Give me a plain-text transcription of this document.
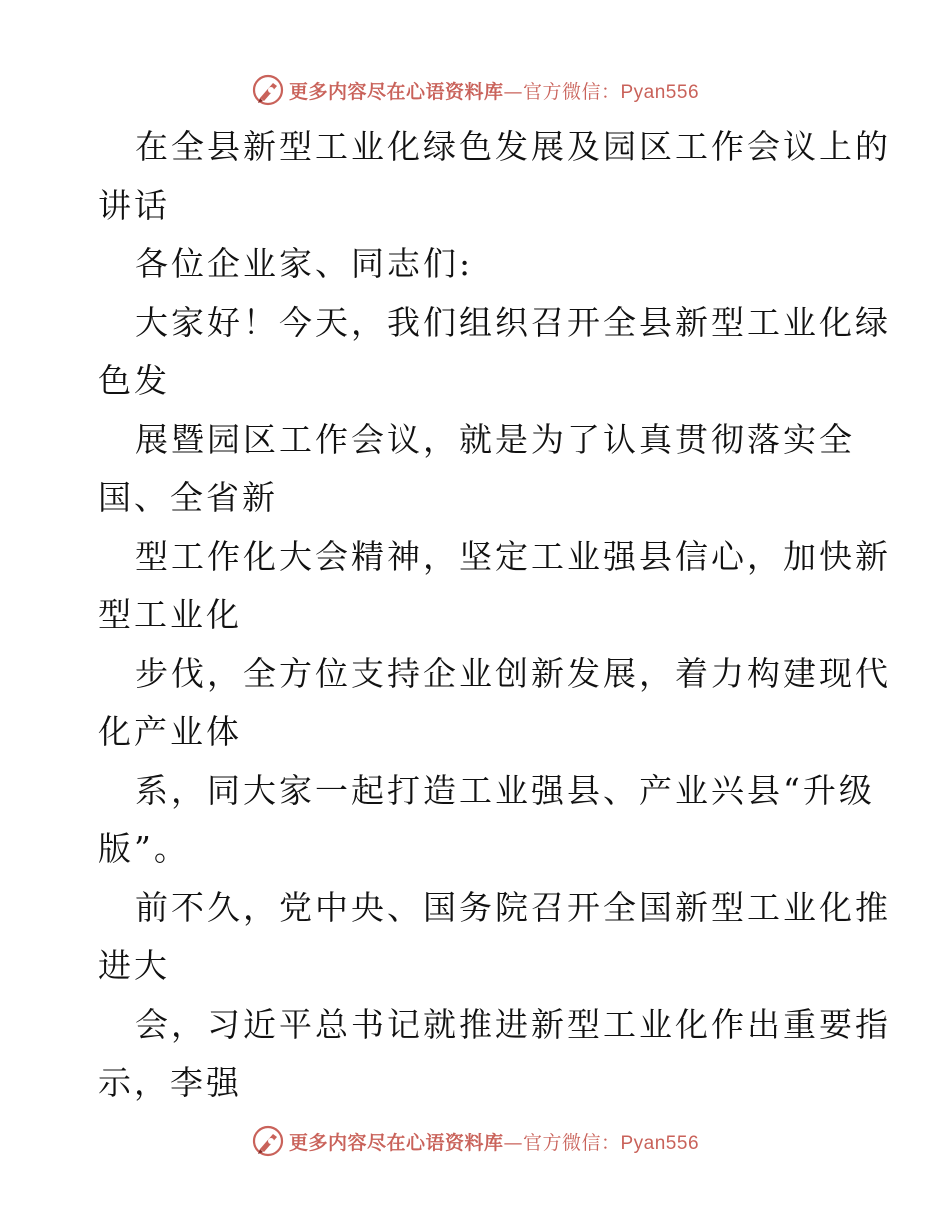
更多内容尽在心语资料库—官方微信：Pyan556
在全县新型工业化绿色发展及园区工作会议上的
讲话
各位企业家、同志们:
大家好！今天，我们组织召开全县新型工业化绿
色发
展暨园区工作会议，就是为了认真贯彻落实全
国、全省新
型工作化大会精神，坚定工业强县信心，加快新
型工业化
步伐，全方位支持企业创新发展，着力构建现代
化产业体
系，同大家一起打造工业强县、产业兴县“升级
版”。
前不久，党中央、国务院召开全国新型工业化推
进大
会，习近平总书记就推进新型工业化作出重要指
示，李强
更多内容尽在心语资料库—官方微信：Pyan556
